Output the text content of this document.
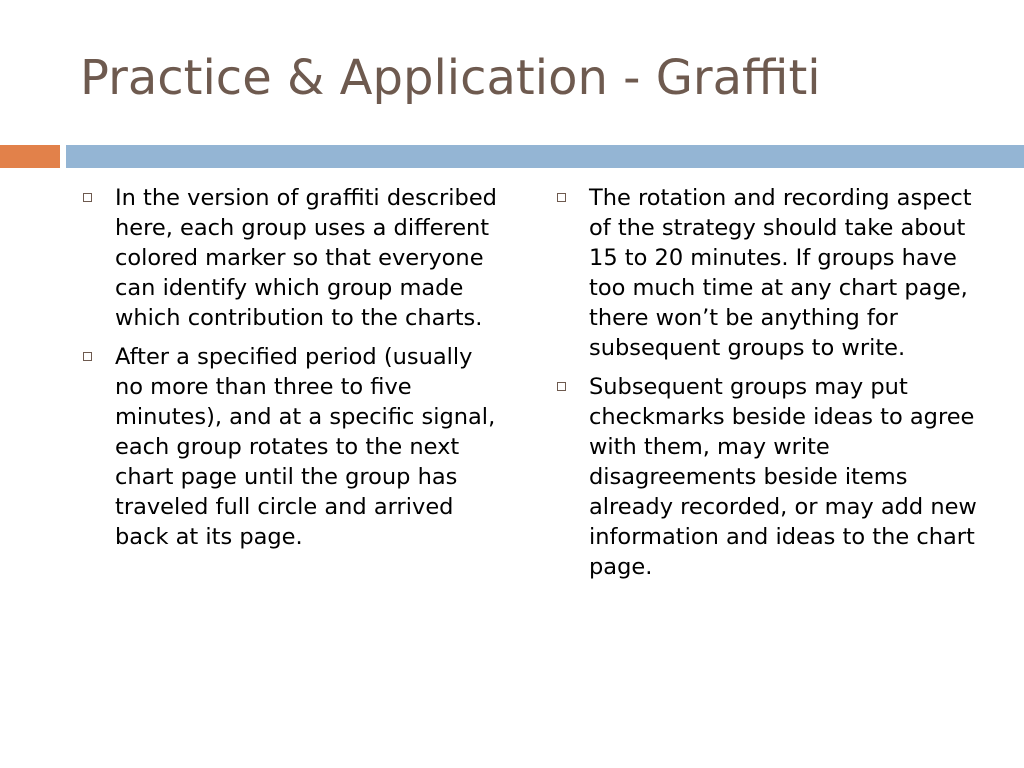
Practice & Application - Graffiti
In the version of graffiti described here, each group uses a different colored marker so that everyone can identify which group made which contribution to the charts.
After a specified period (usually no more than three to five minutes), and at a specific signal, each group rotates to the next chart page until the group has traveled full circle and arrived back at its page.
The rotation and recording aspect of the strategy should take about 15 to 20 minutes. If groups have too much time at any chart page, there won’t be anything for subsequent groups to write.
Subsequent groups may put checkmarks beside ideas to agree with them, may write disagreements beside items already recorded, or may add new information and ideas to the chart page.
